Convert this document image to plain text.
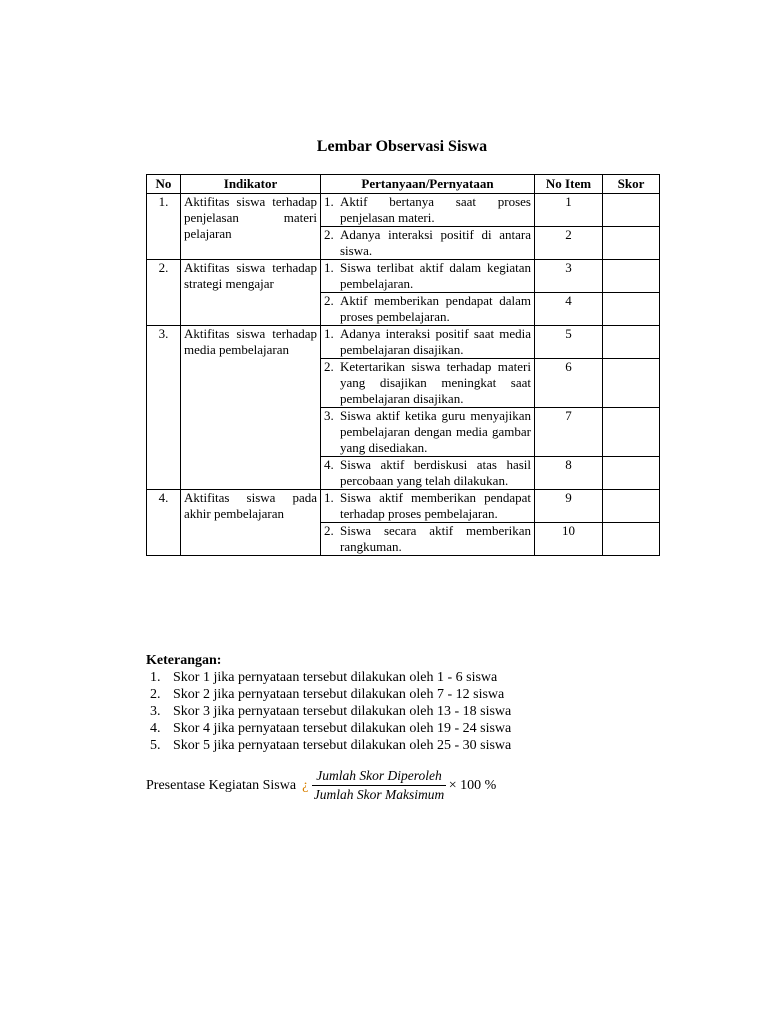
Lembar Observasi Siswa
No	Indikator	Pertanyaan/Pernyataan	No Item	Skor
1.	Aktifitas siswa terhadap penjelasan materi pelajaran	1. Aktif bertanya saat proses penjelasan materi.	1	

		2. Adanya interaksi positif di antara siswa.	2	
2.	Aktifitas siswa terhadap strategi mengajar	1. Siswa terlibat aktif dalam kegiatan pembelajaran.	3	

		2. Aktif memberikan pendapat dalam proses pembelajaran.	4	
3.	Aktifitas siswa terhadap media pembelajaran	1. Adanya interaksi positif saat media pembelajaran disajikan.	5	

		2. Ketertarikan siswa terhadap materi yang disajikan meningkat saat pembelajaran disajikan.	6	

		3. Siswa aktif ketika guru menyajikan pembelajaran dengan media gambar yang disediakan.	7	

		4. Siswa aktif berdiskusi atas hasil percobaan yang telah dilakukan.	8	
4.	Aktifitas siswa pada akhir pembelajaran	1. Siswa aktif memberikan pendapat terhadap proses pembelajaran.	9	

		2. Siswa secara aktif memberikan rangkuman.	10	
Keterangan:
1. Skor 1 jika pernyataan tersebut dilakukan oleh 1 - 6 siswa
2. Skor 2 jika pernyataan tersebut dilakukan oleh 7 - 12 siswa
3. Skor 3 jika pernyataan tersebut dilakukan oleh 13 - 18 siswa
4. Skor 4 jika pernyataan tersebut dilakukan oleh 19 - 24 siswa
5. Skor 5 jika pernyataan tersebut dilakukan oleh 25 - 30 siswa
Presentase Kegiatan Siswa ¿ $\frac{\text{Jumlah Skor Diperoleh}}{\text{Jumlah Skor Maksimum}} \times 100$ %
